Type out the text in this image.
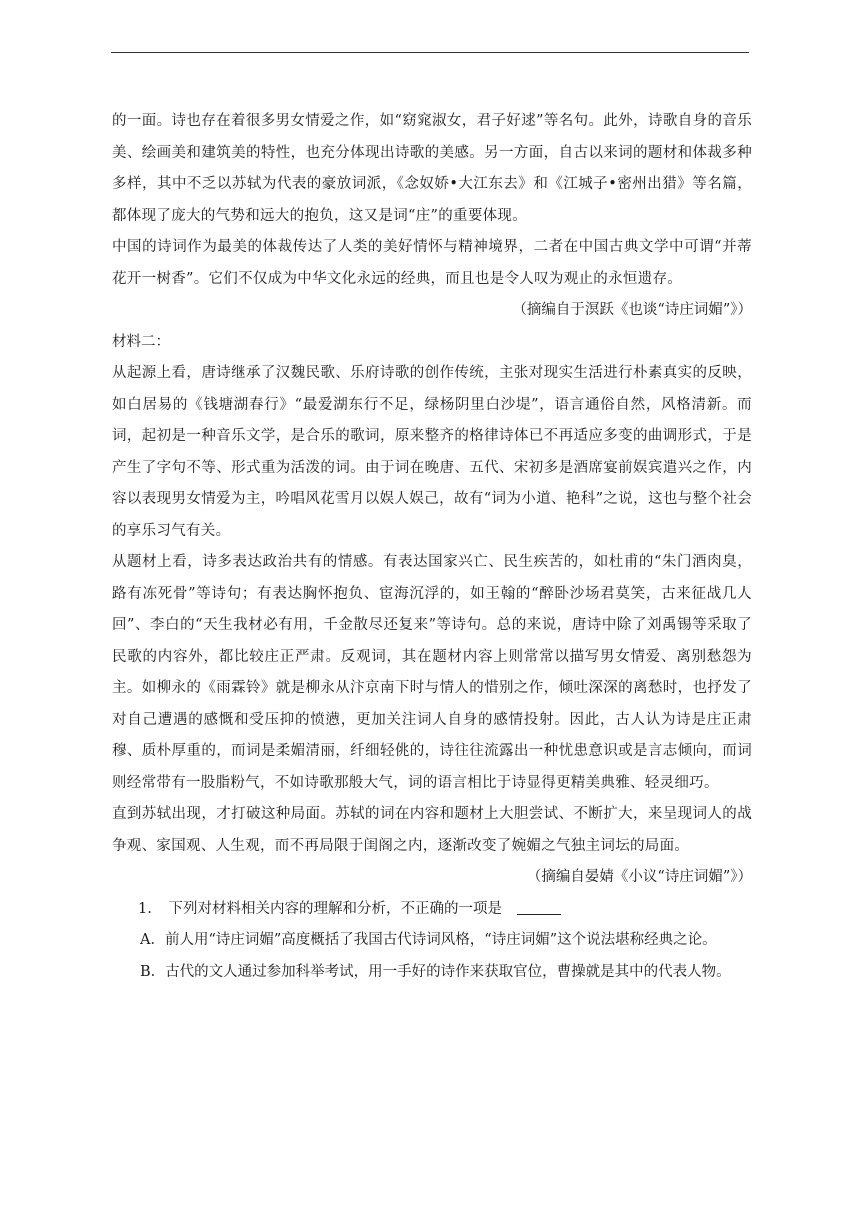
的一面。诗也存在着很多男女情爱之作，如“窈窕淑女，君子好逑”等名句。此外，诗歌自身的音乐美、绘画美和建筑美的特性，也充分体现出诗歌的美感。另一方面，自古以来词的题材和体裁多种多样，其中不乏以苏轼为代表的豪放词派，《念奴娇•大江东去》和《江城子•密州出猎》等名篇，都体现了庞大的气势和远大的抱负，这又是词“庄”的重要体现。

中国的诗词作为最美的体裁传达了人类的美好情怀与精神境界，二者在中国古典文学中可谓“并蒂花开一树香”。它们不仅成为中华文化永远的经典，而且也是令人叹为观止的永恒遗存。

（摘编自于溟跃《也谈“诗庄词媚”》）

材料二：

从起源上看，唐诗继承了汉魏民歌、乐府诗歌的创作传统，主张对现实生活进行朴素真实的反映，如白居易的《钱塘湖春行》“最爱湖东行不足，绿杨阴里白沙堤”，语言通俗自然，风格清新。而词，起初是一种音乐文学，是合乐的歌词，原来整齐的格律诗体已不再适应多变的曲调形式，于是产生了字句不等、形式重为活泼的词。由于词在晚唐、五代、宋初多是酒席宴前娱宾遣兴之作，内容以表现男女情爱为主，吟唱风花雪月以娱人娱己，故有“词为小道、艳科”之说，这也与整个社会的享乐习气有关。

从题材上看，诗多表达政治共有的情感。有表达国家兴亡、民生疾苦的，如杜甫的“朱门酒肉臭，路有冻死骨”等诗句；有表达胸怀抱负、宦海沉浮的，如王翰的“醉卧沙场君莫笑，古来征战几人回”、李白的“天生我材必有用，千金散尽还复来”等诗句。总的来说，唐诗中除了刘禹锡等采取了民歌的内容外，都比较庄正严肃。反观词，其在题材内容上则常常以描写男女情爱、离别愁怨为主。如柳永的《雨霖铃》就是柳永从汴京南下时与情人的惜别之作，倾吐深深的离愁时，也抒发了对自己遭遇的感慨和受压抑的愤懑，更加关注词人自身的感情投射。因此，古人认为诗是庄正肃穆、质朴厚重的，而词是柔媚清丽，纤细轻佻的，诗往往流露出一种忧患意识或是言志倾向，而词则经常带有一股脂粉气，不如诗歌那般大气，词的语言相比于诗显得更精美典雅、轻灵细巧。

直到苏轼出现，才打破这种局面。苏轼的词在内容和题材上大胆尝试、不断扩大，来呈现词人的战争观、家国观、人生观，而不再局限于闺阁之内，逐渐改变了婉媚之气独主词坛的局面。

（摘编自晏婧《小议“诗庄词媚”》）

1. 下列对材料相关内容的理解和分析，不正确的一项是

A．前人用“诗庄词媚”高度概括了我国古代诗词风格，“诗庄词媚”这个说法堪称经典之论。

B．古代的文人通过参加科举考试，用一手好的诗作来获取官位，曹操就是其中的代表人物。
